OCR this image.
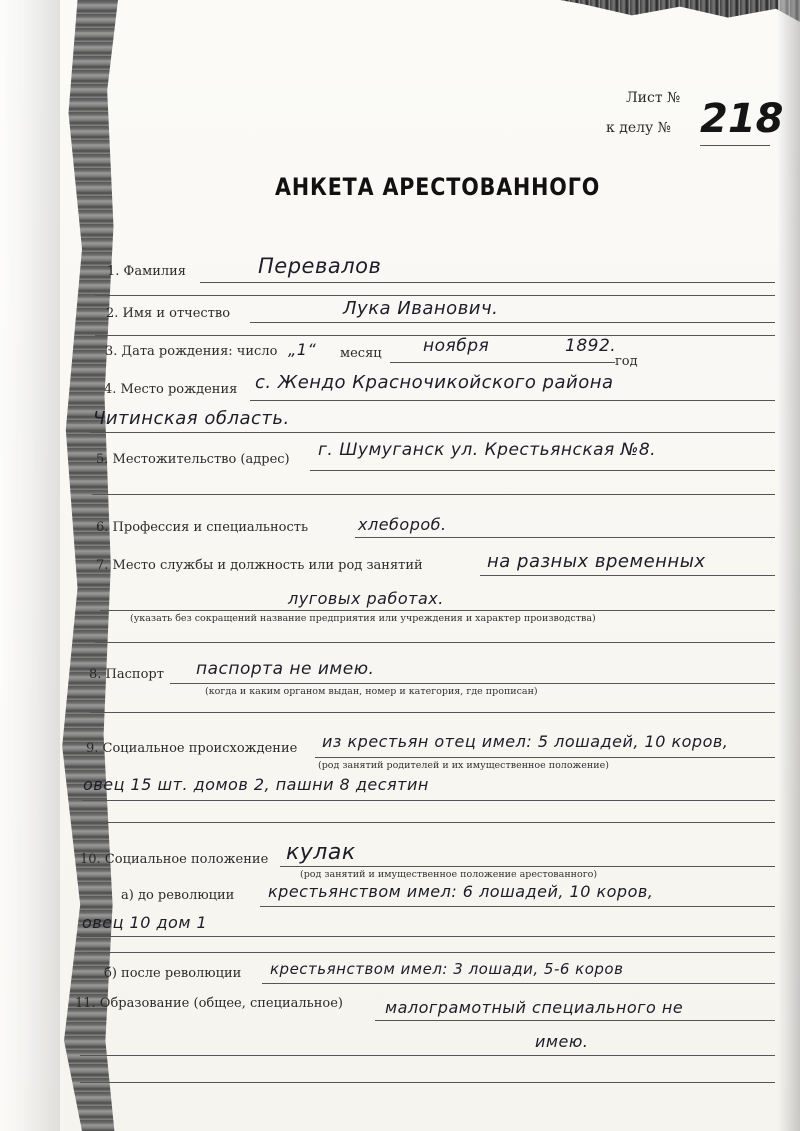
Лист №
к делу № 218
АНКЕТА АРЕСТОВАННОГО
1. Фамилия	Перевалов
2. Имя и отчество	Лука Иванович.
3. Дата рождения: число „1“ месяц ноября	1892.
год
4. Место рождения с. Жендо Красночикойского района
Читинская область.
5. Местожительство (адрес) г. Шумуганск ул. Крестьянская №8.
6. Профессия и специальность	хлебороб.
7. Место службы и должность или род занятий	на разных временных
луговых работах.
(указать без сокращений название предприятия или учреждения и характер производства)
8. Паспорт паспорта не имею.
(когда и каким органом выдан, номер и категория, где прописан)
9. Социальное происхождение из крестьян отец имел: 5 лошадей, 10 коров,
(род занятий родителей и их имущественное положение)
овец 15 шт. домов 2, пашни 8 десятин
10. Социальное положение кулак
(род занятий и имущественное положение арестованного)
а) до революции крестьянством имел: 6 лошадей, 10 коров,
овец 10 дом 1
б) после революции крестьянством имел: 3 лошади, 5-6 коров
11. Образование (общее, специальное)	малограмотный специального не
имею.
